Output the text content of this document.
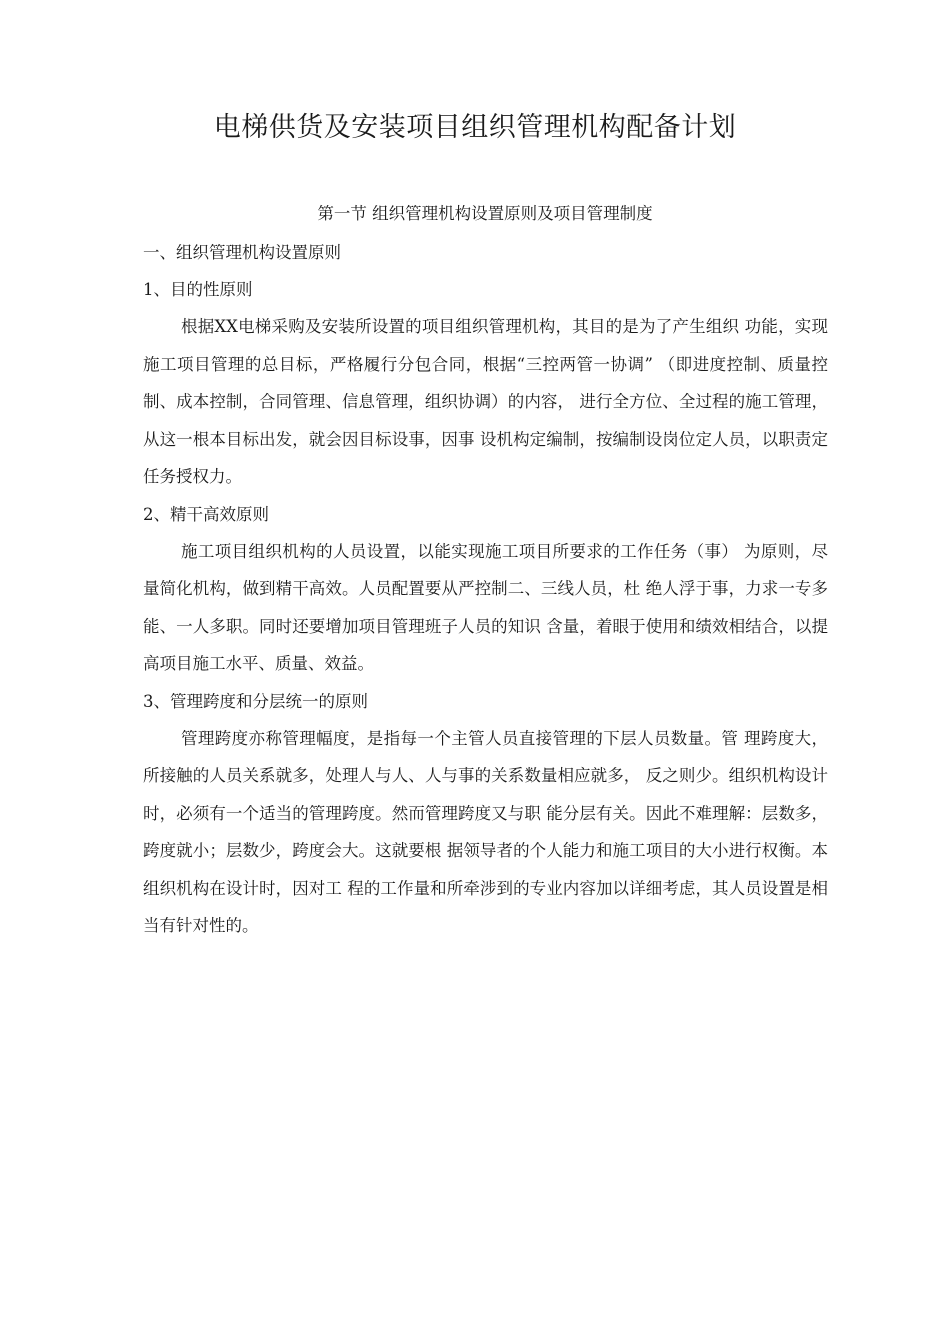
电梯供货及安装项目组织管理机构配备计划
第一节 组织管理机构设置原则及项目管理制度

一、组织管理机构设置原则

1、目的性原则

根据XX电梯采购及安装所设置的项目组织管理机构，其目的是为了产生组织 功能，实现施工项目管理的总目标，严格履行分包合同，根据“三控两管一协调” （即进度控制、质量控制、成本控制，合同管理、信息管理，组织协调）的内容， 进行全方位、全过程的施工管理，从这一根本目标出发，就会因目标设事，因事 设机构定编制，按编制设岗位定人员，以职责定任务授权力。

2、精干高效原则

施工项目组织机构的人员设置，以能实现施工项目所要求的工作任务（事） 为原则，尽量简化机构，做到精干高效。人员配置要从严控制二、三线人员，杜 绝人浮于事，力求一专多能、一人多职。同时还要增加项目管理班子人员的知识 含量，着眼于使用和绩效相结合，以提高项目施工水平、质量、效益。

3、管理跨度和分层统一的原则

管理跨度亦称管理幅度，是指每一个主管人员直接管理的下层人员数量。管 理跨度大，所接触的人员关系就多，处理人与人、人与事的关系数量相应就多， 反之则少。组织机构设计时，必须有一个适当的管理跨度。然而管理跨度又与职 能分层有关。因此不难理解：层数多，跨度就小；层数少，跨度会大。这就要根 据领导者的个人能力和施工项目的大小进行权衡。本组织机构在设计时，因对工 程的工作量和所牵涉到的专业内容加以详细考虑，其人员设置是相当有针对性的。
